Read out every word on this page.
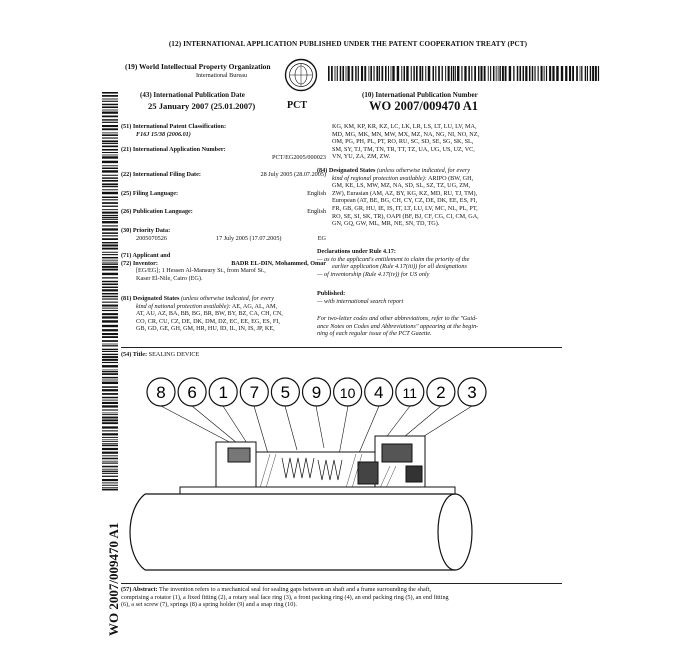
(12) INTERNATIONAL APPLICATION PUBLISHED UNDER THE PATENT COOPERATION TREATY (PCT)
(19) World Intellectual Property Organization
International Bureau
(43) International Publication Date
25 January 2007 (25.01.2007)	PCT
(10) International Publication Number
WO 2007/009470 A1
WO 2007/009470 A1
(51) International Patent Classification:
F16J 15/38 (2006.01)
(21) International Application Number:
PCT/EG2005/000023
(22) International Filing Date:	28 July 2005 (28.07.2005)
(25) Filing Language:	English
(26) Publication Language:	English
(30) Priority Data:
2005070526	17 July 2005 (17.07.2005)	EG
(71) Applicant and
(72) Inventor:	BADR EL-DIN, Mohammed, Omar

[EG/EG]; 1 Hessen Al-Mansury St., from Marof St.,
Kaser El-Nile, Cairo (EG).
(81) Designated States (unless otherwise indicated, for every
kind of national protection available): AE, AG, AL, AM,
AT, AU, AZ, BA, BB, BG, BR, BW, BY, BZ, CA, CH, CN,
CO, CR, CU, CZ, DE, DK, DM, DZ, EC, EE, EG, ES, FI,
GB, GD, GE, GH, GM, HR, HU, ID, IL, IN, IS, JP, KE,
KG, KM, KP, KR, KZ, LC, LK, LR, LS, LT, LU, LV, MA,
MD, MG, MK, MN, MW, MX, MZ, NA, NG, NI, NO, NZ,
OM, PG, PH, PL, PT, RO, RU, SC, SD, SE, SG, SK, SL,
SM, SY, TJ, TM, TN, TR, TT, TZ, UA, UG, US, UZ, VC,
VN, YU, ZA, ZM, ZW.
(84) Designated States (unless otherwise indicated, for every
kind of regional protection available): ARIPO (BW, GH,
GM, KE, LS, MW, MZ, NA, SD, SL, SZ, TZ, UG, ZM,
ZW), Eurasian (AM, AZ, BY, KG, KZ, MD, RU, TJ, TM),
European (AT, BE, BG, CH, CY, CZ, DE, DK, EE, ES, FI,
FR, GB, GR, HU, IE, IS, IT, LT, LU, LV, MC, NL, PL, PT,
RO, SE, SI, SK, TR), OAPI (BF, BJ, CF, CG, CI, CM, GA,
GN, GQ, GW, ML, MR, NE, SN, TD, TG).
Declarations under Rule 4.17:
— as to the applicant's entitlement to claim the priority of the
earlier application (Rule 4.17(iii)) for all designations
— of inventorship (Rule 4.17(iv)) for US only
Published:
— with international search report
For two-letter codes and other abbreviations, refer to the "Guid-
ance Notes on Codes and Abbreviations" appearing at the begin-
ning of each regular issue of the PCT Gazette.
(54) Title: SEALING DEVICE
8 6 1 7 5 9 10 4 11 2 3
(57) Abstract: The invention refers to a mechanical seal for sealing gaps between an shaft and a frame surrounding the shaft,
comprising a rotator (1), a fixed fitting (2), a rotary seal face ring (3), a front packing ring (4), an end packing ring (5), an end fitting
(6), a set screw (7), springs (8) a spring holder (9) and a snap ring (10).
